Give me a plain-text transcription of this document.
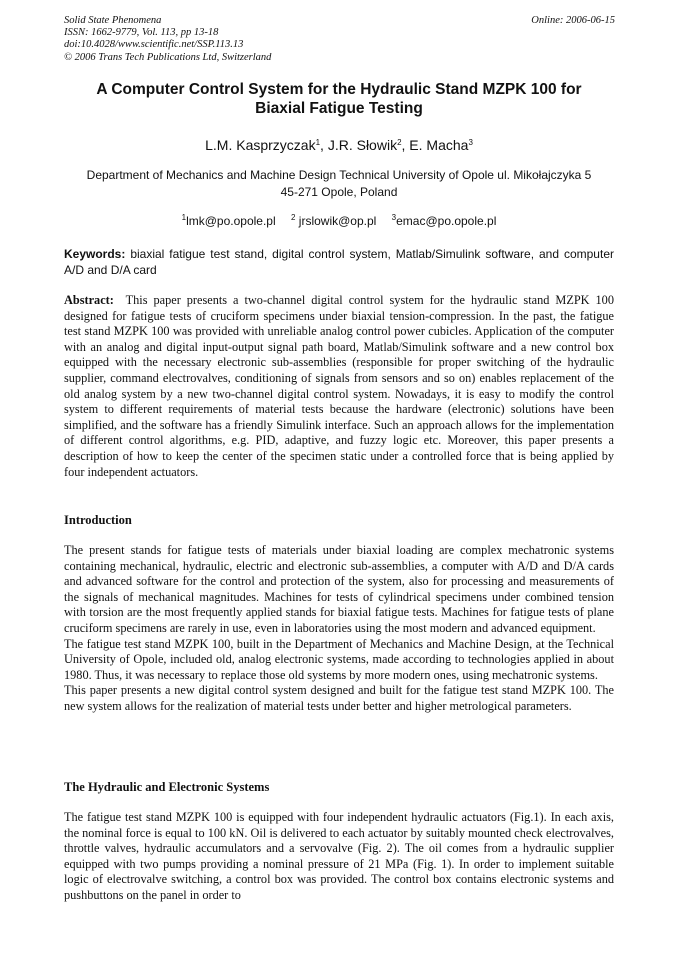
Solid State Phenomena
ISSN: 1662-9779, Vol. 113, pp 13-18
doi:10.4028/www.scientific.net/SSP.113.13
© 2006 Trans Tech Publications Ltd, Switzerland
Online: 2006-06-15
A Computer Control System for the Hydraulic Stand MZPK 100 for
Biaxial Fatigue Testing
L.M. Kasprzyczak$^1$, J.R. Słowik$^2$, E. Macha$^3$
Department of Mechanics and Machine Design Technical University of Opole ul. Mikołajczyka 5
45-271 Opole, Poland
$^1$lmk@po.opole.pl $^2$ jrslowik@op.pl $^3$emac@po.opole.pl
Keywords: biaxial fatigue test stand, digital control system, Matlab/Simulink software, and computer A/D and D/A card
Abstract: This paper presents a two-channel digital control system for the hydraulic stand MZPK 100 designed for fatigue tests of cruciform specimens under biaxial tension-compression. In the past, the fatigue test stand MZPK 100 was provided with unreliable analog control power cubicles. Application of the computer with an analog and digital input-output signal path board, Matlab/Simulink software and a new control box equipped with the necessary electronic sub-assemblies (responsible for proper switching of the hydraulic supplier, command electrovalves, conditioning of signals from sensors and so on) enables replacement of the old analog system by a new two-channel digital control system. Nowadays, it is easy to modify the control system to different requirements of material tests because the hardware (electronic) solutions have been simplified, and the software has a friendly Simulink interface. Such an approach allows for the implementation of different control algorithms, e.g. PID, adaptive, and fuzzy logic etc. Moreover, this paper presents a description of how to keep the center of the specimen static under a controlled force that is being applied by four independent actuators.
Introduction

The present stands for fatigue tests of materials under biaxial loading are complex mechatronic systems containing mechanical, hydraulic, electric and electronic sub-assemblies, a computer with A/D and D/A cards and advanced software for the control and protection of the system, also for processing and measurements of the signals of mechanical magnitudes. Machines for tests of cylindrical specimens under combined tension with torsion are the most frequently applied stands for biaxial fatigue tests. Machines for fatigue tests of plane cruciform specimens are rarely in use, even in laboratories using the most modern and advanced equipment.

The fatigue test stand MZPK 100, built in the Department of Mechanics and Machine Design, at the Technical University of Opole, included old, analog electronic systems, made according to technologies applied in about 1980. Thus, it was necessary to replace those old systems by more modern ones, using mechatronic systems.

This paper presents a new digital control system designed and built for the fatigue test stand MZPK 100. The new system allows for the realization of material tests under better and higher metrological parameters.

The Hydraulic and Electronic Systems
The fatigue test stand MZPK 100 is equipped with four independent hydraulic actuators (Fig.1). In each axis, the nominal force is equal to 100 kN. Oil is delivered to each actuator by suitably mounted check electrovalves, throttle valves, hydraulic accumulators and a servovalve (Fig. 2). The oil comes from a hydraulic supplier equipped with two pumps providing a nominal pressure of 21 MPa (Fig. 1). In order to implement suitable logic of electrovalve switching, a control box was provided. The control box contains electronic systems and pushbuttons on the panel in order to
